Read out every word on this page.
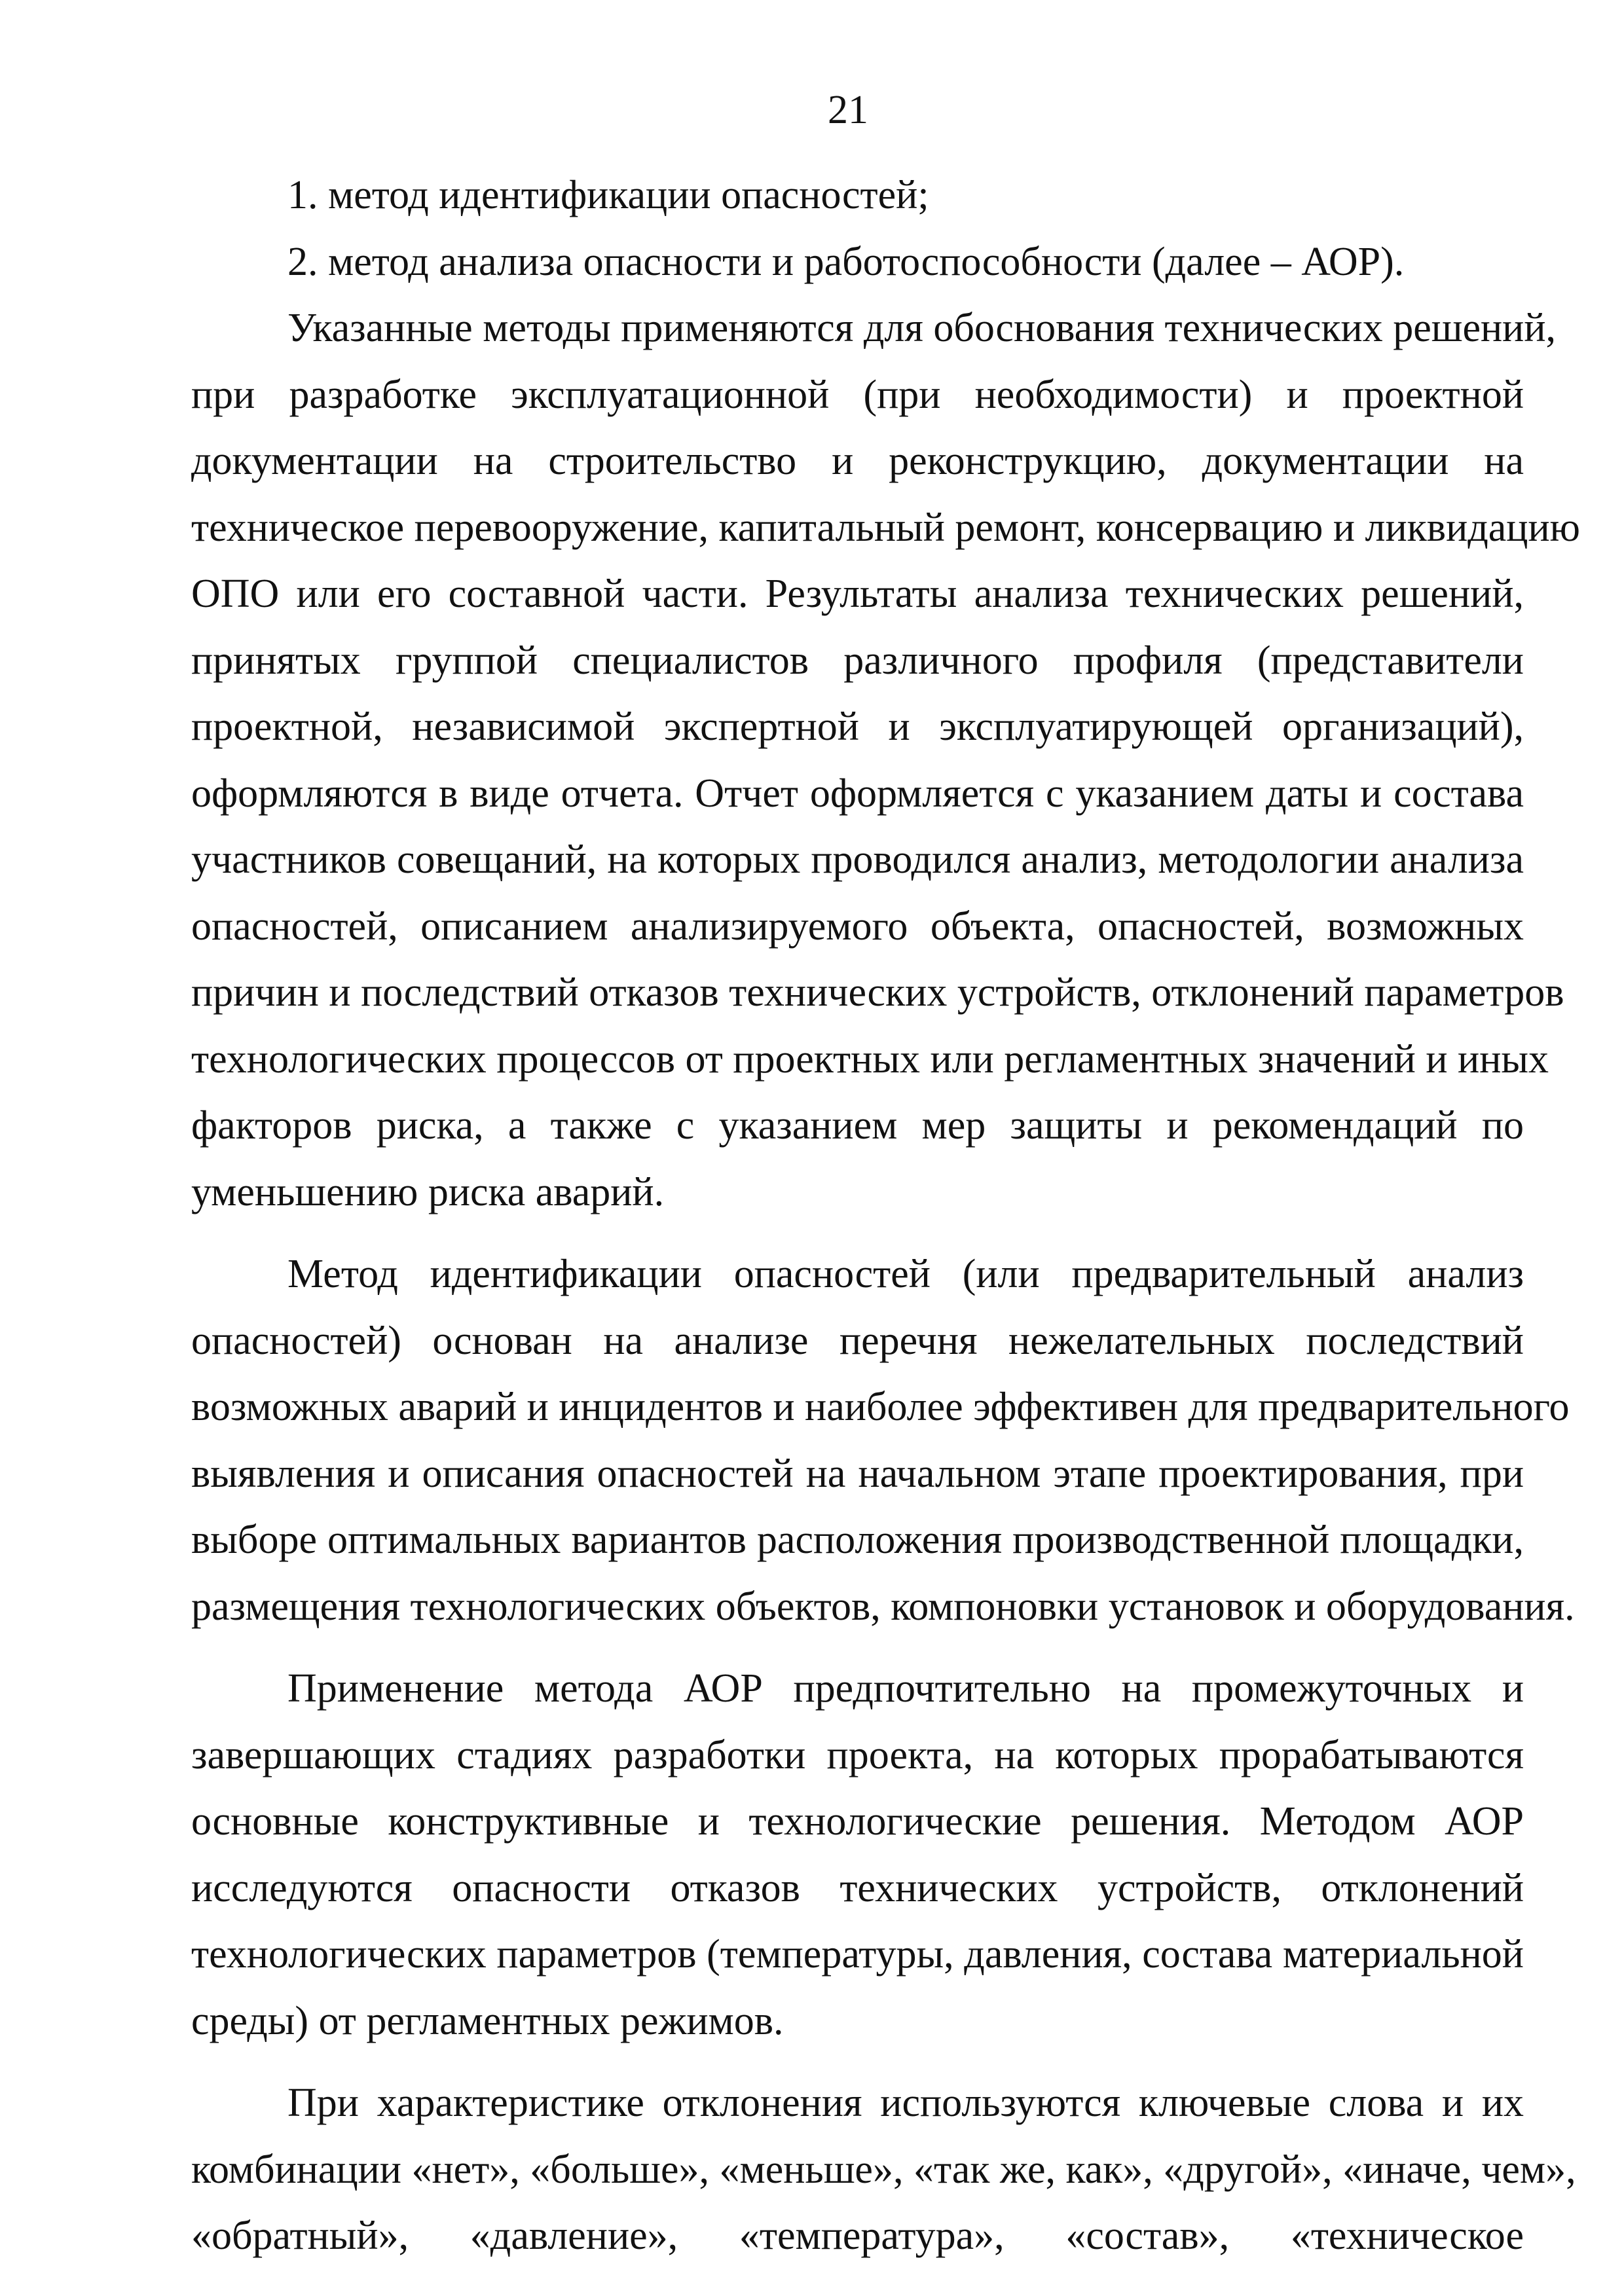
21
1. метод идентификации опасностей;
2. метод анализа опасности и работоспособности (далее – АОР).
Указанные методы применяются для обоснования технических решений,
при разработке эксплуатационной (при необходимости) и проектной
документации на строительство и реконструкцию, документации на
техническое перевооружение, капитальный ремонт, консервацию и ликвидацию
ОПО или его составной части. Результаты анализа технических решений,
принятых группой специалистов различного профиля (представители
проектной, независимой экспертной и эксплуатирующей организаций),
оформляются в виде отчета. Отчет оформляется с указанием даты и состава
участников совещаний, на которых проводился анализ, методологии анализа
опасностей, описанием анализируемого объекта, опасностей, возможных
причин и последствий отказов технических устройств, отклонений параметров
технологических процессов от проектных или регламентных значений и иных
факторов риска, а также с указанием мер защиты и рекомендаций по
уменьшению риска аварий.
Метод идентификации опасностей (или предварительный анализ
опасностей) основан на анализе перечня нежелательных последствий
возможных аварий и инцидентов и наиболее эффективен для предварительного
выявления и описания опасностей на начальном этапе проектирования, при
выборе оптимальных вариантов расположения производственной площадки,
размещения технологических объектов, компоновки установок и оборудования.
Применение метода АОР предпочтительно на промежуточных и
завершающих стадиях разработки проекта, на которых прорабатываются
основные конструктивные и технологические решения. Методом АОР
исследуются опасности отказов технических устройств, отклонений
технологических параметров (температуры, давления, состава материальной
среды) от регламентных режимов.
При характеристике отклонения используются ключевые слова и их
комбинации «нет», «больше», «меньше», «так же, как», «другой», «иначе, чем»,
«обратный», «давление», «температура», «состав», «техническое
